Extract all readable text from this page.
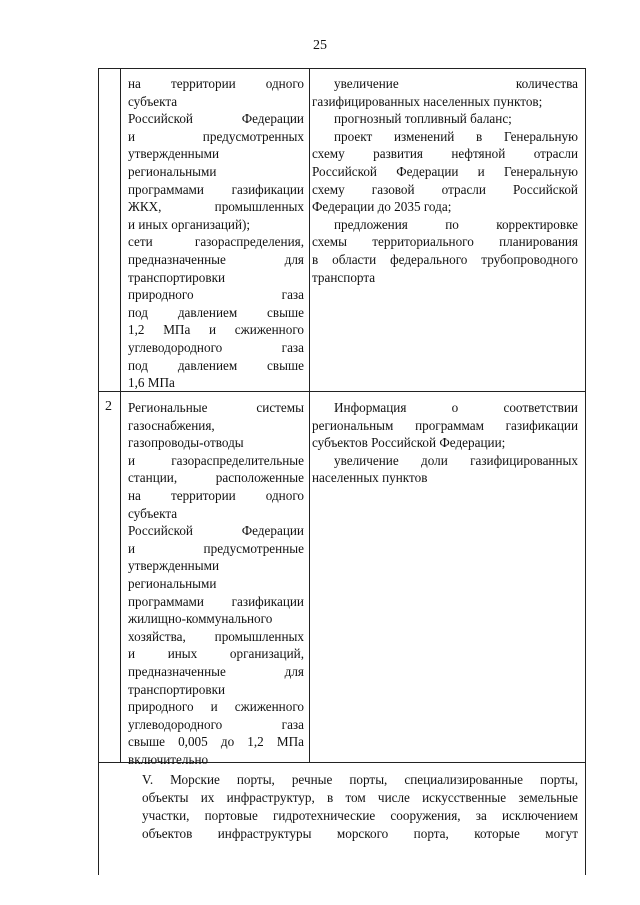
25
на территории одного
субъекта
Российской Федерации
и предусмотренных
утвержденными
региональными
программами газификации
ЖКХ, промышленных
и иных организаций);
сети газораспределения,
предназначенные для
транспортировки
природного газа
под давлением свыше
1,2 МПа и сжиженного
углеводородного газа
под давлением свыше
1,6 МПа
увеличение количества
газифицированных населенных пунктов;
прогнозный топливный баланс;
проект изменений в Генеральную
схему развития нефтяной отрасли
Российской Федерации и Генеральную
схему газовой отрасли Российской
Федерации до 2035 года;
предложения по корректировке
схемы территориального планирования
в области федерального трубопроводного
транспорта
2 Региональные системы
газоснабжения,
газопроводы-отводы
и газораспределительные
станции, расположенные
на территории одного
субъекта
Российской Федерации
и предусмотренные
утвержденными
региональными
программами газификации
жилищно-коммунального
хозяйства, промышленных
и иных организаций,
предназначенные для
транспортировки
природного и сжиженного
углеводородного газа
свыше 0,005 до 1,2 МПа
включительно
Информация о соответствии
региональным программам газификации
субъектов Российской Федерации;
увеличение доли газифицированных
населенных пунктов
V. Морские порты, речные порты, специализированные порты,
объекты их инфраструктур, в том числе искусственные земельные
участки, портовые гидротехнические сооружения, за исключением
объектов инфраструктуры морского порта, которые могут
